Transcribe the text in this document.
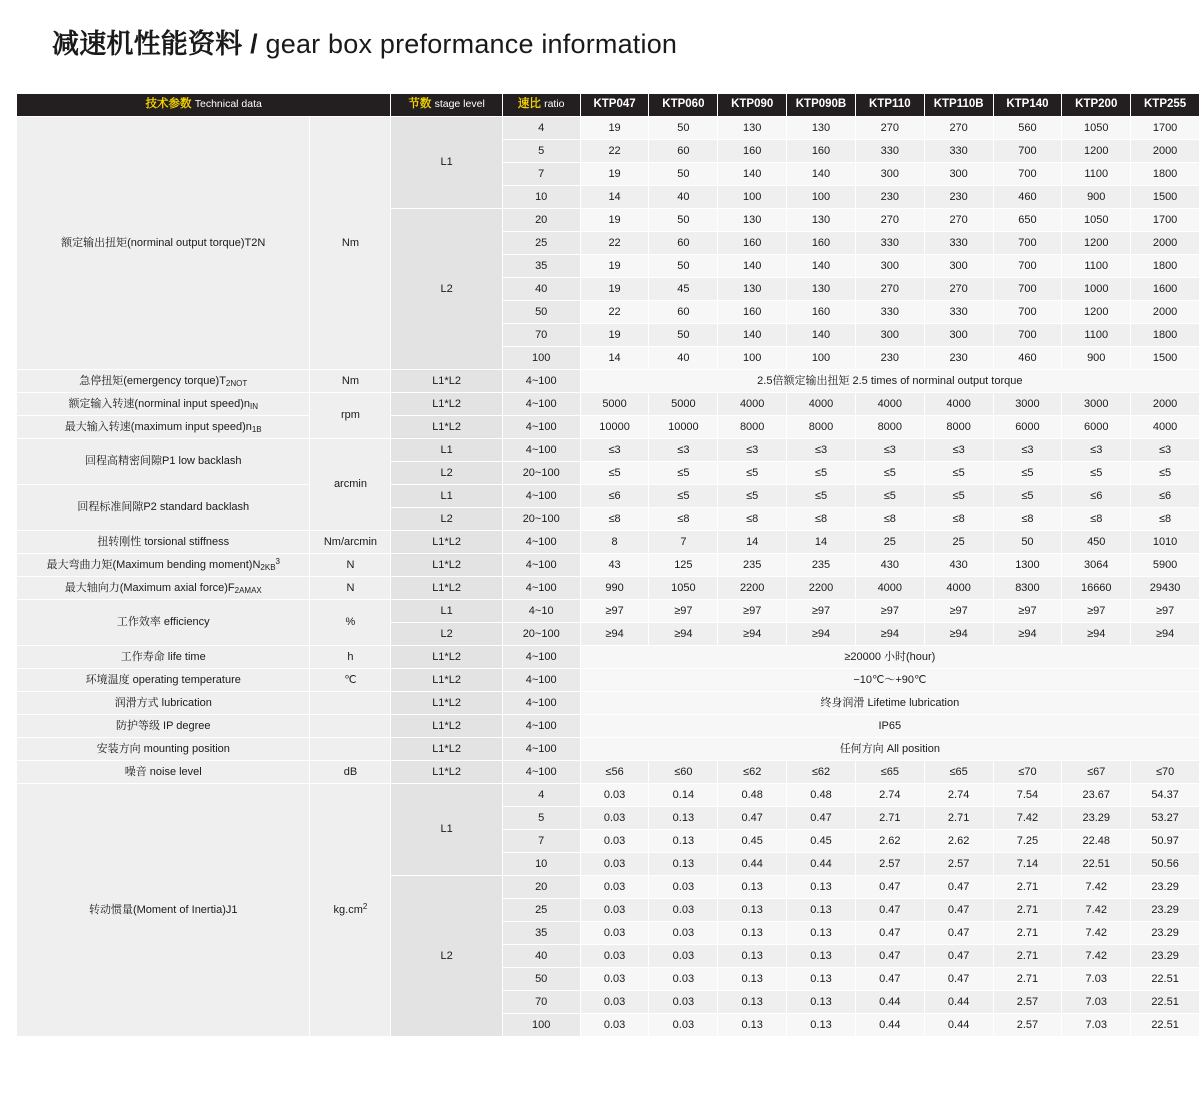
减速机性能资料 / gear box preformance information
技术参数 Technical data		节数 stage level	速比 ratio	KTP047	KTP060	KTP090	KTP090B	KTP110	KTP110B	KTP140	KTP200	KTP255
额定输出扭矩(norminal output torque)T2N	Nm	L1	4	19	50	130	130	270	270	560	1050	1700
			5	22	60	160	160	330	330	700	1200	2000
			7	19	50	140	140	300	300	700	1100	1800
			10	14	40	100	100	230	230	460	900	1500
		L2	20	19	50	130	130	270	270	650	1050	1700
			25	22	60	160	160	330	330	700	1200	2000
			35	19	50	140	140	300	300	700	1100	1800
			40	19	45	130	130	270	270	700	1000	1600
			50	22	60	160	160	330	330	700	1200	2000
			70	19	50	140	140	300	300	700	1100	1800
			100	14	40	100	100	230	230	460	900	1500
急停扭矩(emergency $torque)T_{2NOT}$	Nm	L1*L2	4~100	2.5倍额定输出扭矩 2.5 times of norminal output torque								
额定输入转速(norminal input $speed)n_{IN}$	rpm	L1*L2	4~100	5000	5000	4000	4000	4000	4000	3000	3000	2000
最大输入转速(maximum input $speed)n_{1B}$		L1*L2	4~100	10000	10000	8000	8000	8000	8000	6000	6000	4000
回程高精密间隙P1 low backlash	arcmin	L1	4~100	≤3	≤3	≤3	≤3	≤3	≤3	≤3	≤3	≤3
		L2	20~100	≤5	≤5	≤5	≤5	≤5	≤5	≤5	≤5	≤5
回程标准间隙P2 standard backlash		L1	4~100	≤6	≤5	≤5	≤5	≤5	≤5	≤5	≤6	≤6
		L2	20~100	≤8	≤8	≤8	≤8	≤8	≤8	≤8	≤8	≤8
扭转刚性 torsional stiffness	Nm/arcmin	L1*L2	4~100	8	7	14	14	25	25	50	450	1010
最大弯曲力矩(Maximum bending $moment)N_{2KB}^3$	N	L1*L2	4~100	43	125	235	235	430	430	1300	3064	5900
最大轴向力(Maximum axial $force)F_{2AMAX}$	N	L1*L2	4~100	990	1050	2200	2200	4000	4000	8300	16660	29430
工作效率 efficiency	%	L1	4~10	≥97	≥97	≥97	≥97	≥97	≥97	≥97	≥97	≥97
		L2	20~100	≥94	≥94	≥94	≥94	≥94	≥94	≥94	≥94	≥94
工作寿命 life time	h	L1*L2	4~100	≥20000 小时(hour)								
环境温度 operating temperature	℃	L1*L2	4~100	−10℃～+90℃								
润滑方式 lubrication		L1*L2	4~100	终身润滑 Lifetime lubrication								
防护等级 IP degree		L1*L2	4~100	IP65								
安装方向 mounting position		L1*L2	4~100	任何方向 All position								
噪音 noise level	dB	L1*L2	4~100	≤56	≤60	≤62	≤62	≤65	≤65	≤70	≤67	≤70
转动惯量(Moment of Inertia)J1	$kg.cm^2$	L1	4	0.03	0.14	0.48	0.48	2.74	2.74	7.54	23.67	54.37
			5	0.03	0.13	0.47	0.47	2.71	2.71	7.42	23.29	53.27
			7	0.03	0.13	0.45	0.45	2.62	2.62	7.25	22.48	50.97
			10	0.03	0.13	0.44	0.44	2.57	2.57	7.14	22.51	50.56
		L2	20	0.03	0.03	0.13	0.13	0.47	0.47	2.71	7.42	23.29
			25	0.03	0.03	0.13	0.13	0.47	0.47	2.71	7.42	23.29
			35	0.03	0.03	0.13	0.13	0.47	0.47	2.71	7.42	23.29
			40	0.03	0.03	0.13	0.13	0.47	0.47	2.71	7.42	23.29
			50	0.03	0.03	0.13	0.13	0.47	0.47	2.71	7.03	22.51
			70	0.03	0.03	0.13	0.13	0.44	0.44	2.57	7.03	22.51
			100	0.03	0.03	0.13	0.13	0.44	0.44	2.57	7.03	22.51
